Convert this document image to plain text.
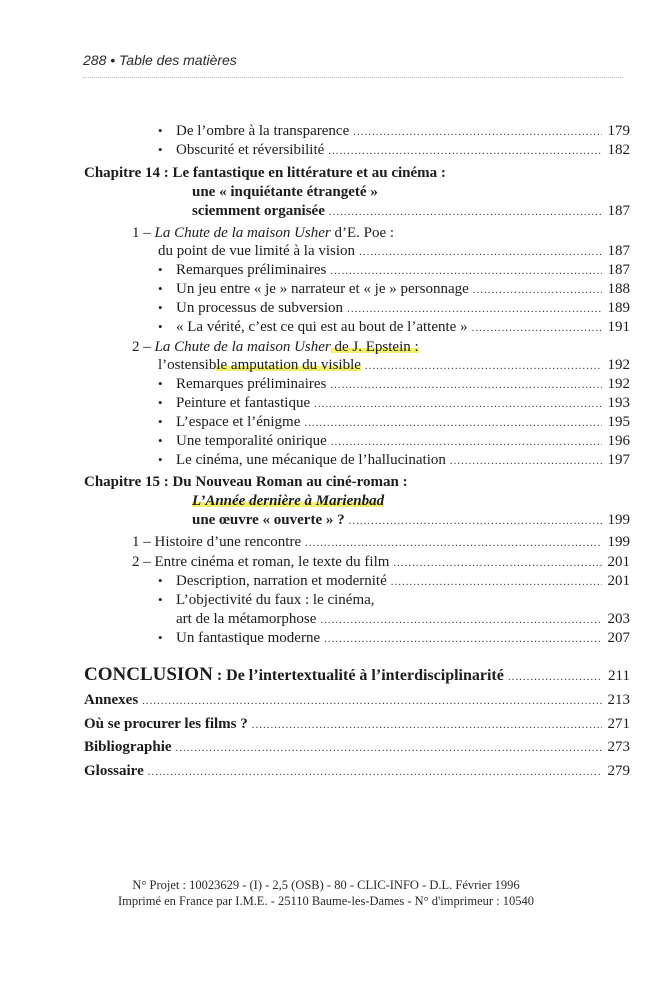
288 • Table des matières
• De l’ombre à la transparence .....	179
• Obscurité et réversibilité .....	182
Chapitre 14 : Le fantastique en littérature et au cinéma :
une « inquiétante étrangeté »
sciemment organisée .....	187
1 – La Chute de la maison Usher d’E. Poe :
du point de vue limité à la vision .....	187
• Remarques préliminaires .....	187
• Un jeu entre « je » narrateur et « je » personnage .....	188
• Un processus de subversion .....	189
• « La vérité, c’est ce qui est au bout de l’attente » .....	191
2 – La Chute de la maison Usher de J. Epstein :
l’ostensible amputation du visible .....	192
• Remarques préliminaires .....	192
• Peinture et fantastique .....	193
• L’espace et l’énigme .....	195
• Une temporalité onirique .....	196
• Le cinéma, une mécanique de l’hallucination .....	197
Chapitre 15 : Du Nouveau Roman au ciné-roman :
L’Année dernière à Marienbad
une œuvre « ouverte » ? .....	199
1 – Histoire d’une rencontre .....	199
2 – Entre cinéma et roman, le texte du film .....	201
• Description, narration et modernité .....	201
• L’objectivité du faux : le cinéma,
art de la métamorphose .....	203
• Un fantastique moderne .....	207
CONCLUSION : De l’intertextualité à l’interdisciplinarité .....	211
Annexes .....	213
Où se procurer les films ? .....	271
Bibliographie .....	273
Glossaire .....	279
N° Projet : 10023629 - (I) - 2,5 (OSB) - 80 - CLIC-INFO - D.L. Février 1996
Imprimé en France par I.M.E. - 25110 Baume-les-Dames - N° d'imprimeur : 10540
